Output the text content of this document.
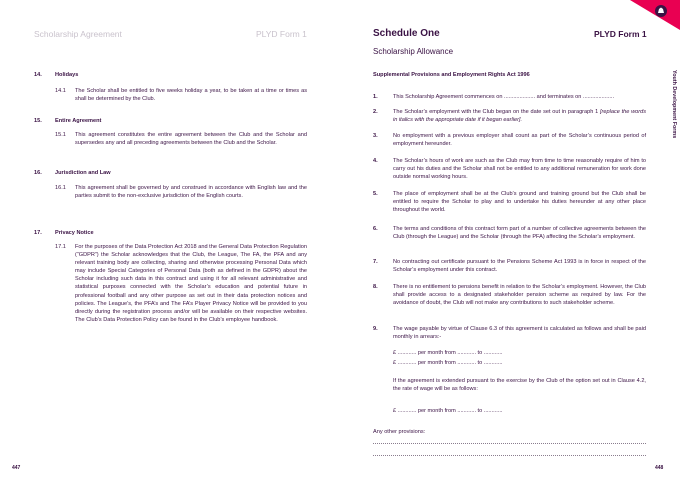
Scholarship Agreement	PLYD Form 1
14. Holidays
14.1 The Scholar shall be entitled to five weeks holiday a year, to be taken at a time or times as shall be determined by the Club.
15. Entire Agreement
15.1 This agreement constitutes the entire agreement between the Club and the Scholar and supersedes any and all preceding agreements between the Club and the Scholar.
16. Jurisdiction and Law
16.1 This agreement shall be governed by and construed in accordance with English law and the parties submit to the non-exclusive jurisdiction of the English courts.
17. Privacy Notice
17.1 For the purposes of the Data Protection Act 2018 and the General Data Protection Regulation (“GDPR”) the Scholar acknowledges that the Club, the League, The FA, the PFA and any relevant training body are collecting, sharing and otherwise processing Personal Data which may include Special Categories of Personal Data (both as defined in the GDPR) about the Scholar including such data in this contract and using it for all relevant administrative and statistical purposes connected with the Scholar’s education and potential future in professional football and any other purpose as set out in their data protection notices and policies. The League’s, the PFA’s and The FA’s Player Privacy Notice will be provided to you directly during the registration process and/or will be available on their respective websites. The Club’s Data Protection Policy can be found in the Club’s employee handbook.
447
Youth Development Forms
Schedule One
Scholarship Allowance
PLYD Form 1
Supplemental Provisions and Employment Rights Act 1996
1.	This Scholarship Agreement commences on .................... and terminates on ....................
2.	The Scholar’s employment with the Club began on the date set out in paragraph 1 [replace the words in italics with the appropriate date if it began earlier].
3.	No employment with a previous employer shall count as part of the Scholar’s continuous period of employment hereunder.
4.	The Scholar’s hours of work are such as the Club may from time to time reasonably require of him to carry out his duties and the Scholar shall not be entitled to any additional remuneration for work done outside normal working hours.
5.	The place of employment shall be at the Club’s ground and training ground but the Club shall be entitled to require the Scholar to play and to undertake his duties hereunder at any other place throughout the world.
6.	The terms and conditions of this contract form part of a number of collective agreements between the Club (through the League) and the Scholar (through the PFA) affecting the Scholar’s employment.
7.	No contracting out certificate pursuant to the Pensions Scheme Act 1993 is in force in respect of the Scholar’s employment under this contract.
8.	There is no entitlement to pensions benefit in relation to the Scholar’s employment. However, the Club shall provide access to a designated stakeholder pension scheme as required by law. For the avoidance of doubt, the Club will not make any contributions to such stakeholder scheme.
9.	The wage payable by virtue of Clause 6.3 of this agreement is calculated as follows and shall be paid monthly in arrears:-
£ ............ per month from ............ to ............
£ ............ per month from ............ to ............
If the agreement is extended pursuant to the exercise by the Club of the option set out in Clause 4.2, the rate of wage will be as follows:
£ ............ per month from ............ to ............
Any other provisions:
448
